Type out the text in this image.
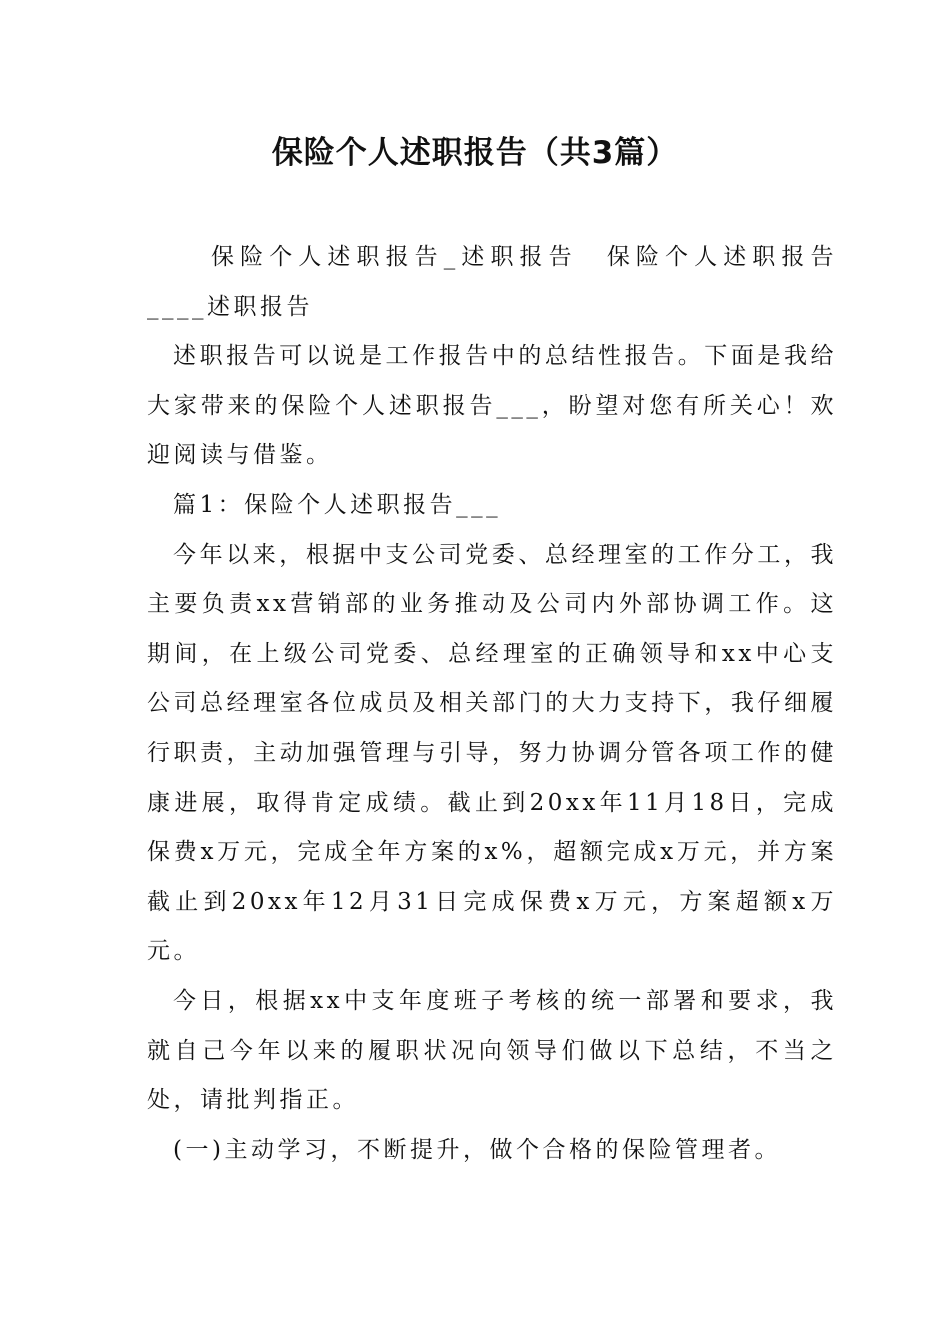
保险个人述职报告（共3篇）

保险个人述职报告_述职报告　保险个人述职报告____述职报告

述职报告可以说是工作报告中的总结性报告。下面是我给大家带来的保险个人述职报告___，盼望对您有所关心！欢迎阅读与借鉴。

篇1：保险个人述职报告___

今年以来，根据中支公司党委、总经理室的工作分工，我主要负责xx营销部的业务推动及公司内外部协调工作。这期间，在上级公司党委、总经理室的正确领导和xx中心支公司总经理室各位成员及相关部门的大力支持下，我仔细履行职责，主动加强管理与引导，努力协调分管各项工作的健康进展，取得肯定成绩。截止到20xx年11月18日，完成保费x万元，完成全年方案的x%，超额完成x万元，并方案截止到20xx年12月31日完成保费x万元，方案超额x万元。

今日，根据xx中支年度班子考核的统一部署和要求，我就自己今年以来的履职状况向领导们做以下总结，不当之处，请批判指正。

(一)主动学习，不断提升，做个合格的保险管理者。
